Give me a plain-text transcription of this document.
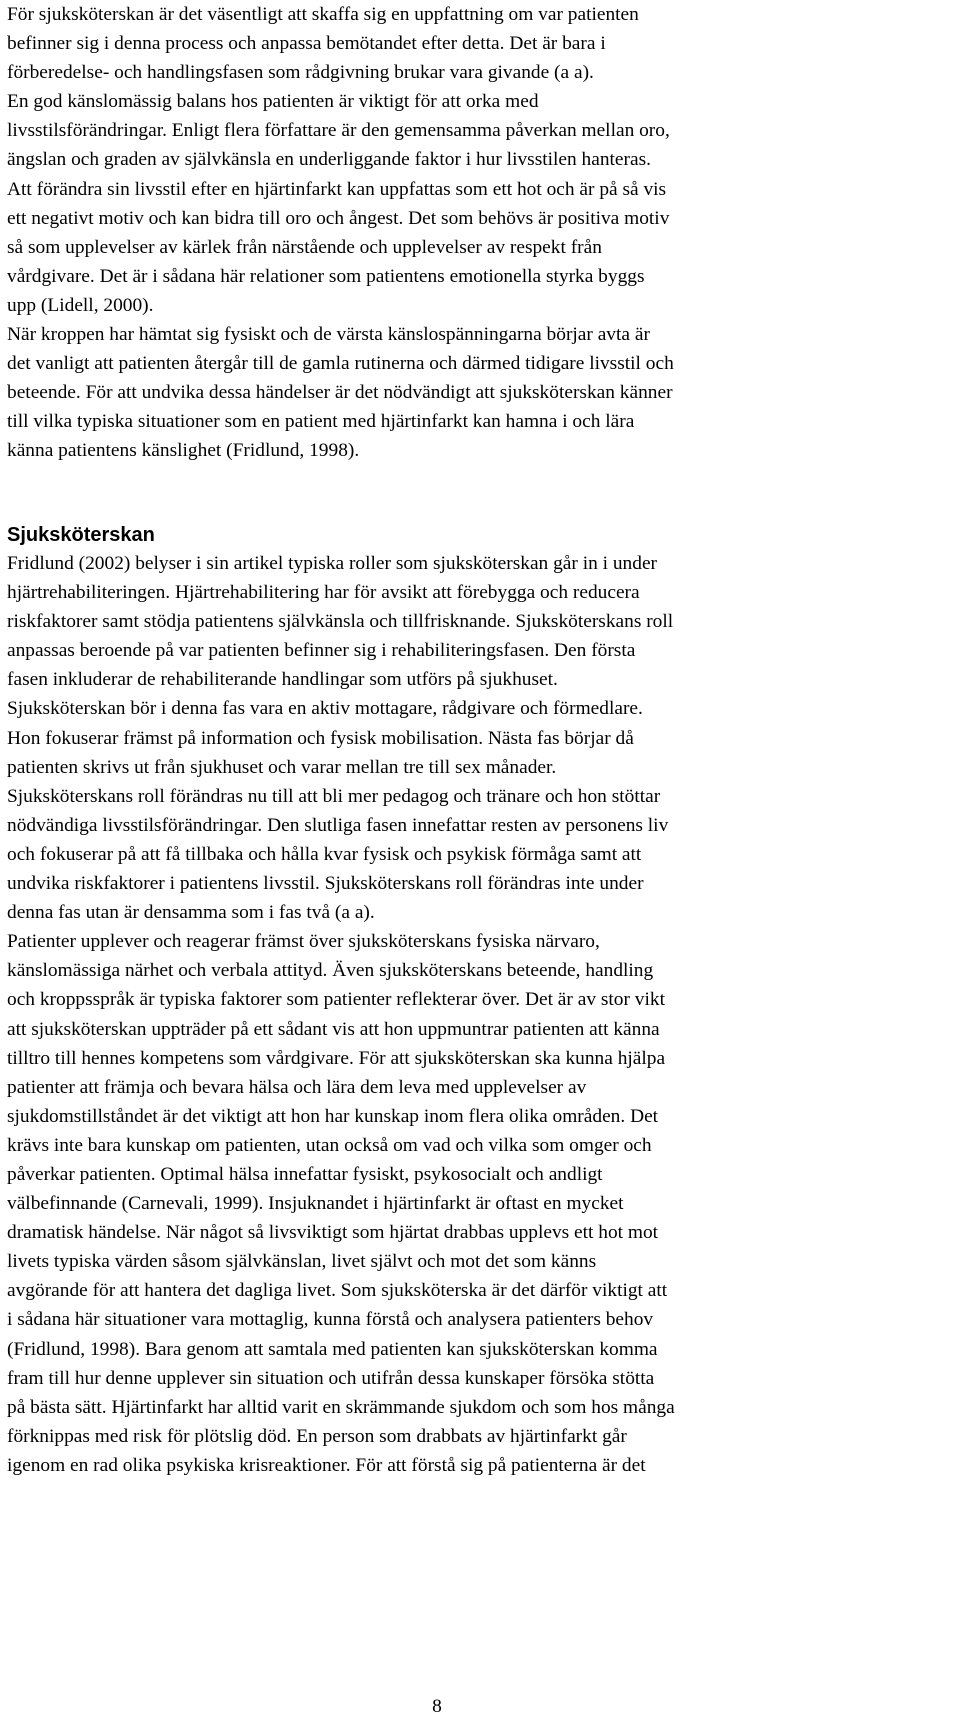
För sjuksköterskan är det väsentligt att skaffa sig en uppfattning om var patienten
befinner sig i denna process och anpassa bemötandet efter detta. Det är bara i
förberedelse- och handlingsfasen som rådgivning brukar vara givande (a a).
En god känslomässig balans hos patienten är viktigt för att orka med
livsstilsförändringar. Enligt flera författare är den gemensamma påverkan mellan oro,
ängslan och graden av självkänsla en underliggande faktor i hur livsstilen hanteras.
Att förändra sin livsstil efter en hjärtinfarkt kan uppfattas som ett hot och är på så vis
ett negativt motiv och kan bidra till oro och ångest. Det som behövs är positiva motiv
så som upplevelser av kärlek från närstående och upplevelser av respekt från
vårdgivare. Det är i sådana här relationer som patientens emotionella styrka byggs
upp (Lidell, 2000).
När kroppen har hämtat sig fysiskt och de värsta känslospänningarna börjar avta är
det vanligt att patienten återgår till de gamla rutinerna och därmed tidigare livsstil och
beteende. För att undvika dessa händelser är det nödvändigt att sjuksköterskan känner
till vilka typiska situationer som en patient med hjärtinfarkt kan hamna i och lära
känna patientens känslighet (Fridlund, 1998).
Sjuksköterskan
Fridlund (2002) belyser i sin artikel typiska roller som sjuksköterskan går in i under
hjärtrehabiliteringen. Hjärtrehabilitering har för avsikt att förebygga och reducera
riskfaktorer samt stödja patientens självkänsla och tillfrisknande. Sjuksköterskans roll
anpassas beroende på var patienten befinner sig i rehabiliteringsfasen. Den första
fasen inkluderar de rehabiliterande handlingar som utförs på sjukhuset.
Sjuksköterskan bör i denna fas vara en aktiv mottagare, rådgivare och förmedlare.
Hon fokuserar främst på information och fysisk mobilisation. Nästa fas börjar då
patienten skrivs ut från sjukhuset och varar mellan tre till sex månader.
Sjuksköterskans roll förändras nu till att bli mer pedagog och tränare och hon stöttar
nödvändiga livsstilsförändringar. Den slutliga fasen innefattar resten av personens liv
och fokuserar på att få tillbaka och hålla kvar fysisk och psykisk förmåga samt att
undvika riskfaktorer i patientens livsstil. Sjuksköterskans roll förändras inte under
denna fas utan är densamma som i fas två (a a).
Patienter upplever och reagerar främst över sjuksköterskans fysiska närvaro,
känslomässiga närhet och verbala attityd. Även sjuksköterskans beteende, handling
och kroppsspråk är typiska faktorer som patienter reflekterar över. Det är av stor vikt
att sjuksköterskan uppträder på ett sådant vis att hon uppmuntrar patienten att känna
tilltro till hennes kompetens som vårdgivare. För att sjuksköterskan ska kunna hjälpa
patienter att främja och bevara hälsa och lära dem leva med upplevelser av
sjukdomstillståndet är det viktigt att hon har kunskap inom flera olika områden. Det
krävs inte bara kunskap om patienten, utan också om vad och vilka som omger och
påverkar patienten. Optimal hälsa innefattar fysiskt, psykosocialt och andligt
välbefinnande (Carnevali, 1999). Insjuknandet i hjärtinfarkt är oftast en mycket
dramatisk händelse. När något så livsviktigt som hjärtat drabbas upplevs ett hot mot
livets typiska värden såsom självkänslan, livet självt och mot det som känns
avgörande för att hantera det dagliga livet. Som sjuksköterska är det därför viktigt att
i sådana här situationer vara mottaglig, kunna förstå och analysera patienters behov
(Fridlund, 1998). Bara genom att samtala med patienten kan sjuksköterskan komma
fram till hur denne upplever sin situation och utifrån dessa kunskaper försöka stötta
på bästa sätt. Hjärtinfarkt har alltid varit en skrämmande sjukdom och som hos många
förknippas med risk för plötslig död. En person som drabbats av hjärtinfarkt går
igenom en rad olika psykiska krisreaktioner. För att förstå sig på patienterna är det
8
